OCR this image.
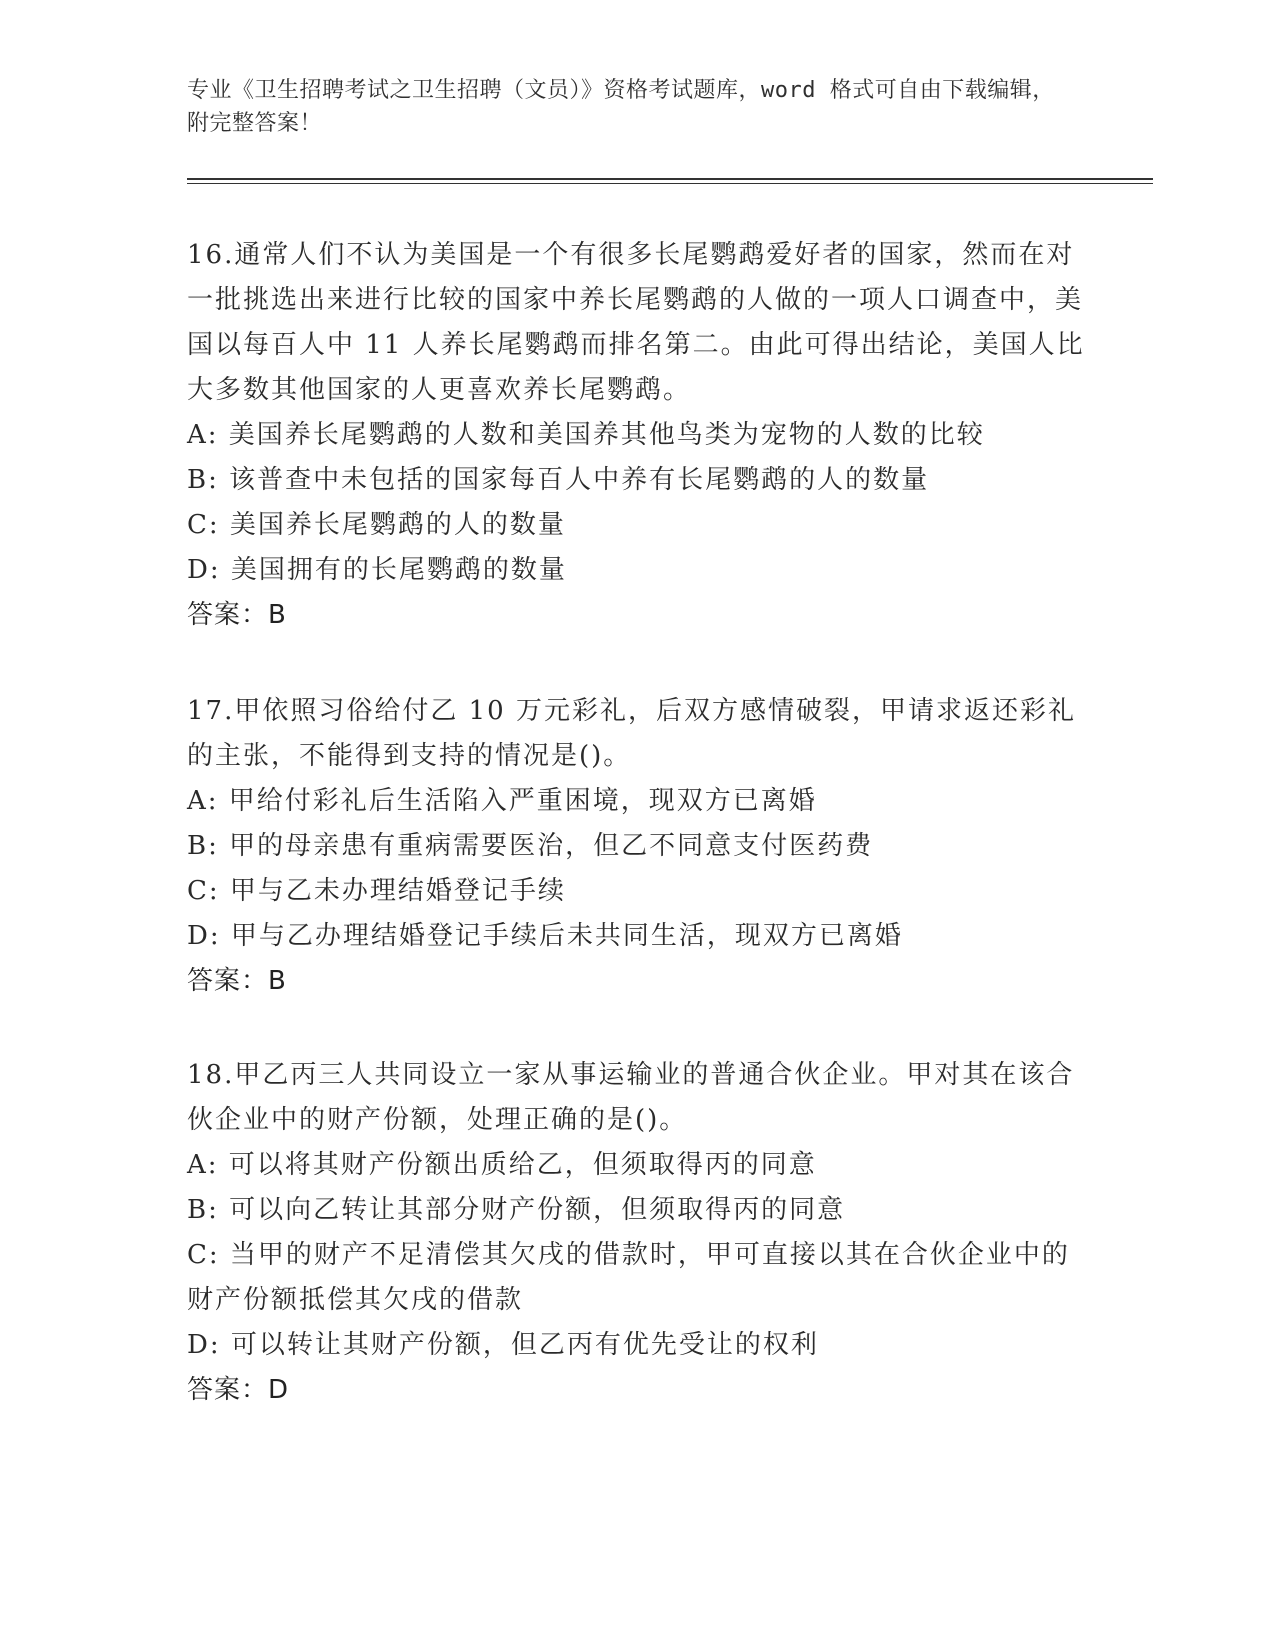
专业《卫生招聘考试之卫生招聘（文员）》资格考试题库，word 格式可自由下载编辑，附完整答案！

16.通常人们不认为美国是一个有很多长尾鹦鹉爱好者的国家，然而在对一批挑选出来进行比较的国家中养长尾鹦鹉的人做的一项人口调查中，美国以每百人中 11 人养长尾鹦鹉而排名第二。由此可得出结论，美国人比大多数其他国家的人更喜欢养长尾鹦鹉。

A: 美国养长尾鹦鹉的人数和美国养其他鸟类为宠物的人数的比较

B: 该普查中未包括的国家每百人中养有长尾鹦鹉的人的数量

C: 美国养长尾鹦鹉的人的数量

D: 美国拥有的长尾鹦鹉的数量

答案：B

17.甲依照习俗给付乙 10 万元彩礼，后双方感情破裂，甲请求返还彩礼的主张，不能得到支持的情况是()。

A: 甲给付彩礼后生活陷入严重困境，现双方已离婚

B: 甲的母亲患有重病需要医治，但乙不同意支付医药费

C: 甲与乙未办理结婚登记手续

D: 甲与乙办理结婚登记手续后未共同生活，现双方已离婚

答案：B

18.甲乙丙三人共同设立一家从事运输业的普通合伙企业。甲对其在该合伙企业中的财产份额，处理正确的是()。

A: 可以将其财产份额出质给乙，但须取得丙的同意

B: 可以向乙转让其部分财产份额，但须取得丙的同意

C: 当甲的财产不足清偿其欠戌的借款时，甲可直接以其在合伙企业中的财产份额抵偿其欠戌的借款

D: 可以转让其财产份额，但乙丙有优先受让的权利

答案：D
